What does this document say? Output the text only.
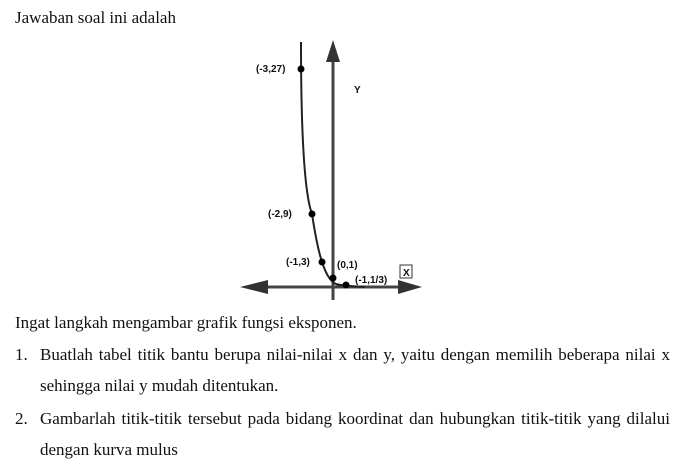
Jawaban soal ini adalah
(-3,27)
(-2,9)
(-1,3)	(0,1)
(-1,1/3)
Y
X
Ingat langkah mengambar grafik fungsi eksponen.
1. Buatlah tabel titik bantu berupa nilai-nilai x dan y, yaitu dengan memilih beberapa nilai x sehingga nilai y mudah ditentukan.
2. Gambarlah titik-titik tersebut pada bidang koordinat dan hubungkan titik-titik yang dilalui dengan kurva mulus
